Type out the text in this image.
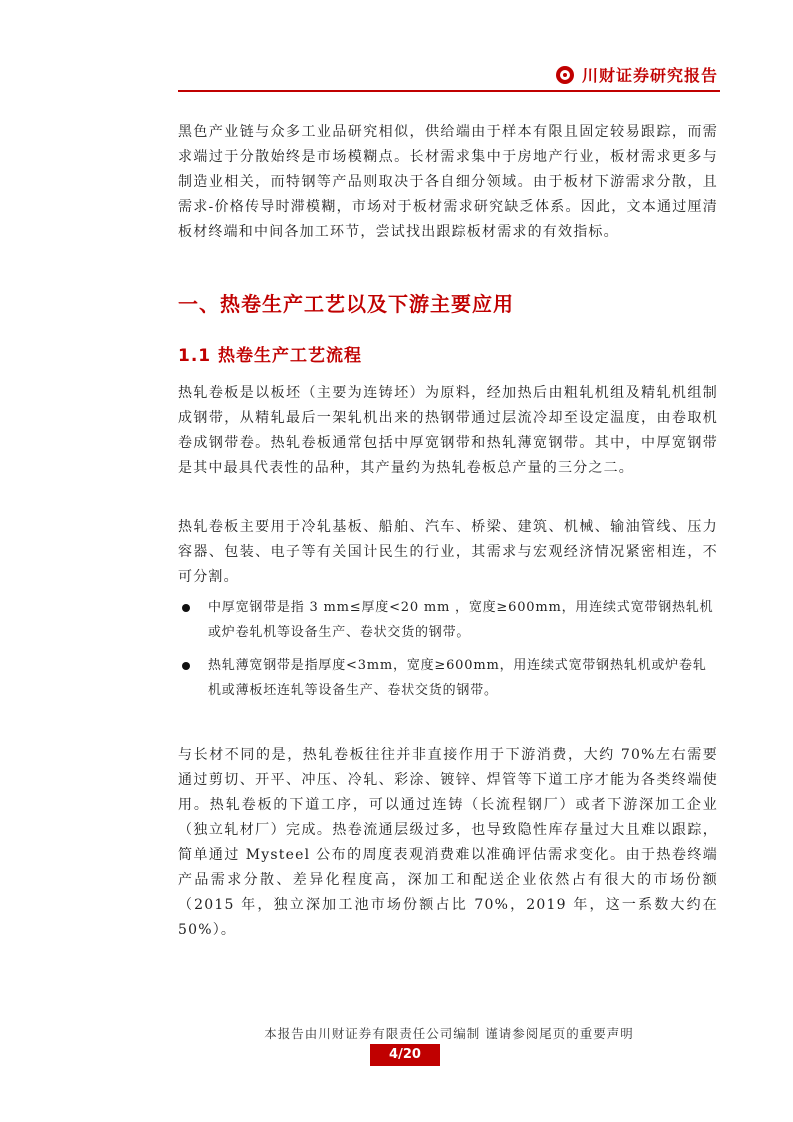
川财证券研究报告

黑色产业链与众多工业品研究相似，供给端由于样本有限且固定较易跟踪，而需求端过于分散始终是市场模糊点。长材需求集中于房地产行业，板材需求更多与制造业相关，而特钢等产品则取决于各自细分领域。由于板材下游需求分散，且需求-价格传导时滞模糊，市场对于板材需求研究缺乏体系。因此，文本通过厘清板材终端和中间各加工环节，尝试找出跟踪板材需求的有效指标。

一、热卷生产工艺以及下游主要应用
1.1 热卷生产工艺流程

热轧卷板是以板坯（主要为连铸坯）为原料，经加热后由粗轧机组及精轧机组制成钢带，从精轧最后一架轧机出来的热钢带通过层流冷却至设定温度，由卷取机卷成钢带卷。热轧卷板通常包括中厚宽钢带和热轧薄宽钢带。其中，中厚宽钢带是其中最具代表性的品种，其产量约为热轧卷板总产量的三分之二。

热轧卷板主要用于冷轧基板、船舶、汽车、桥梁、建筑、机械、输油管线、压力容器、包装、电子等有关国计民生的行业，其需求与宏观经济情况紧密相连，不可分割。

中厚宽钢带是指 3 mm≤厚度<20 mm ，宽度≥600mm，用连续式宽带钢热轧机或炉卷轧机等设备生产、卷状交货的钢带。
热轧薄宽钢带是指厚度<3mm，宽度≥600mm，用连续式宽带钢热轧机或炉卷轧机或薄板坯连轧等设备生产、卷状交货的钢带。

与长材不同的是，热轧卷板往往并非直接作用于下游消费，大约 70%左右需要通过剪切、开平、冲压、冷轧、彩涂、镀锌、焊管等下道工序才能为各类终端使用。热轧卷板的下道工序，可以通过连铸（长流程钢厂）或者下游深加工企业（独立轧材厂）完成。热卷流通层级过多，也导致隐性库存量过大且难以跟踪，简单通过 Mysteel 公布的周度表观消费难以准确评估需求变化。由于热卷终端产品需求分散、差异化程度高，深加工和配送企业依然占有很大的市场份额（2015 年，独立深加工池市场份额占比 70%，2019 年，这一系数大约在 50%）。

本报告由川财证券有限责任公司编制 谨请参阅尾页的重要声明
4/20
